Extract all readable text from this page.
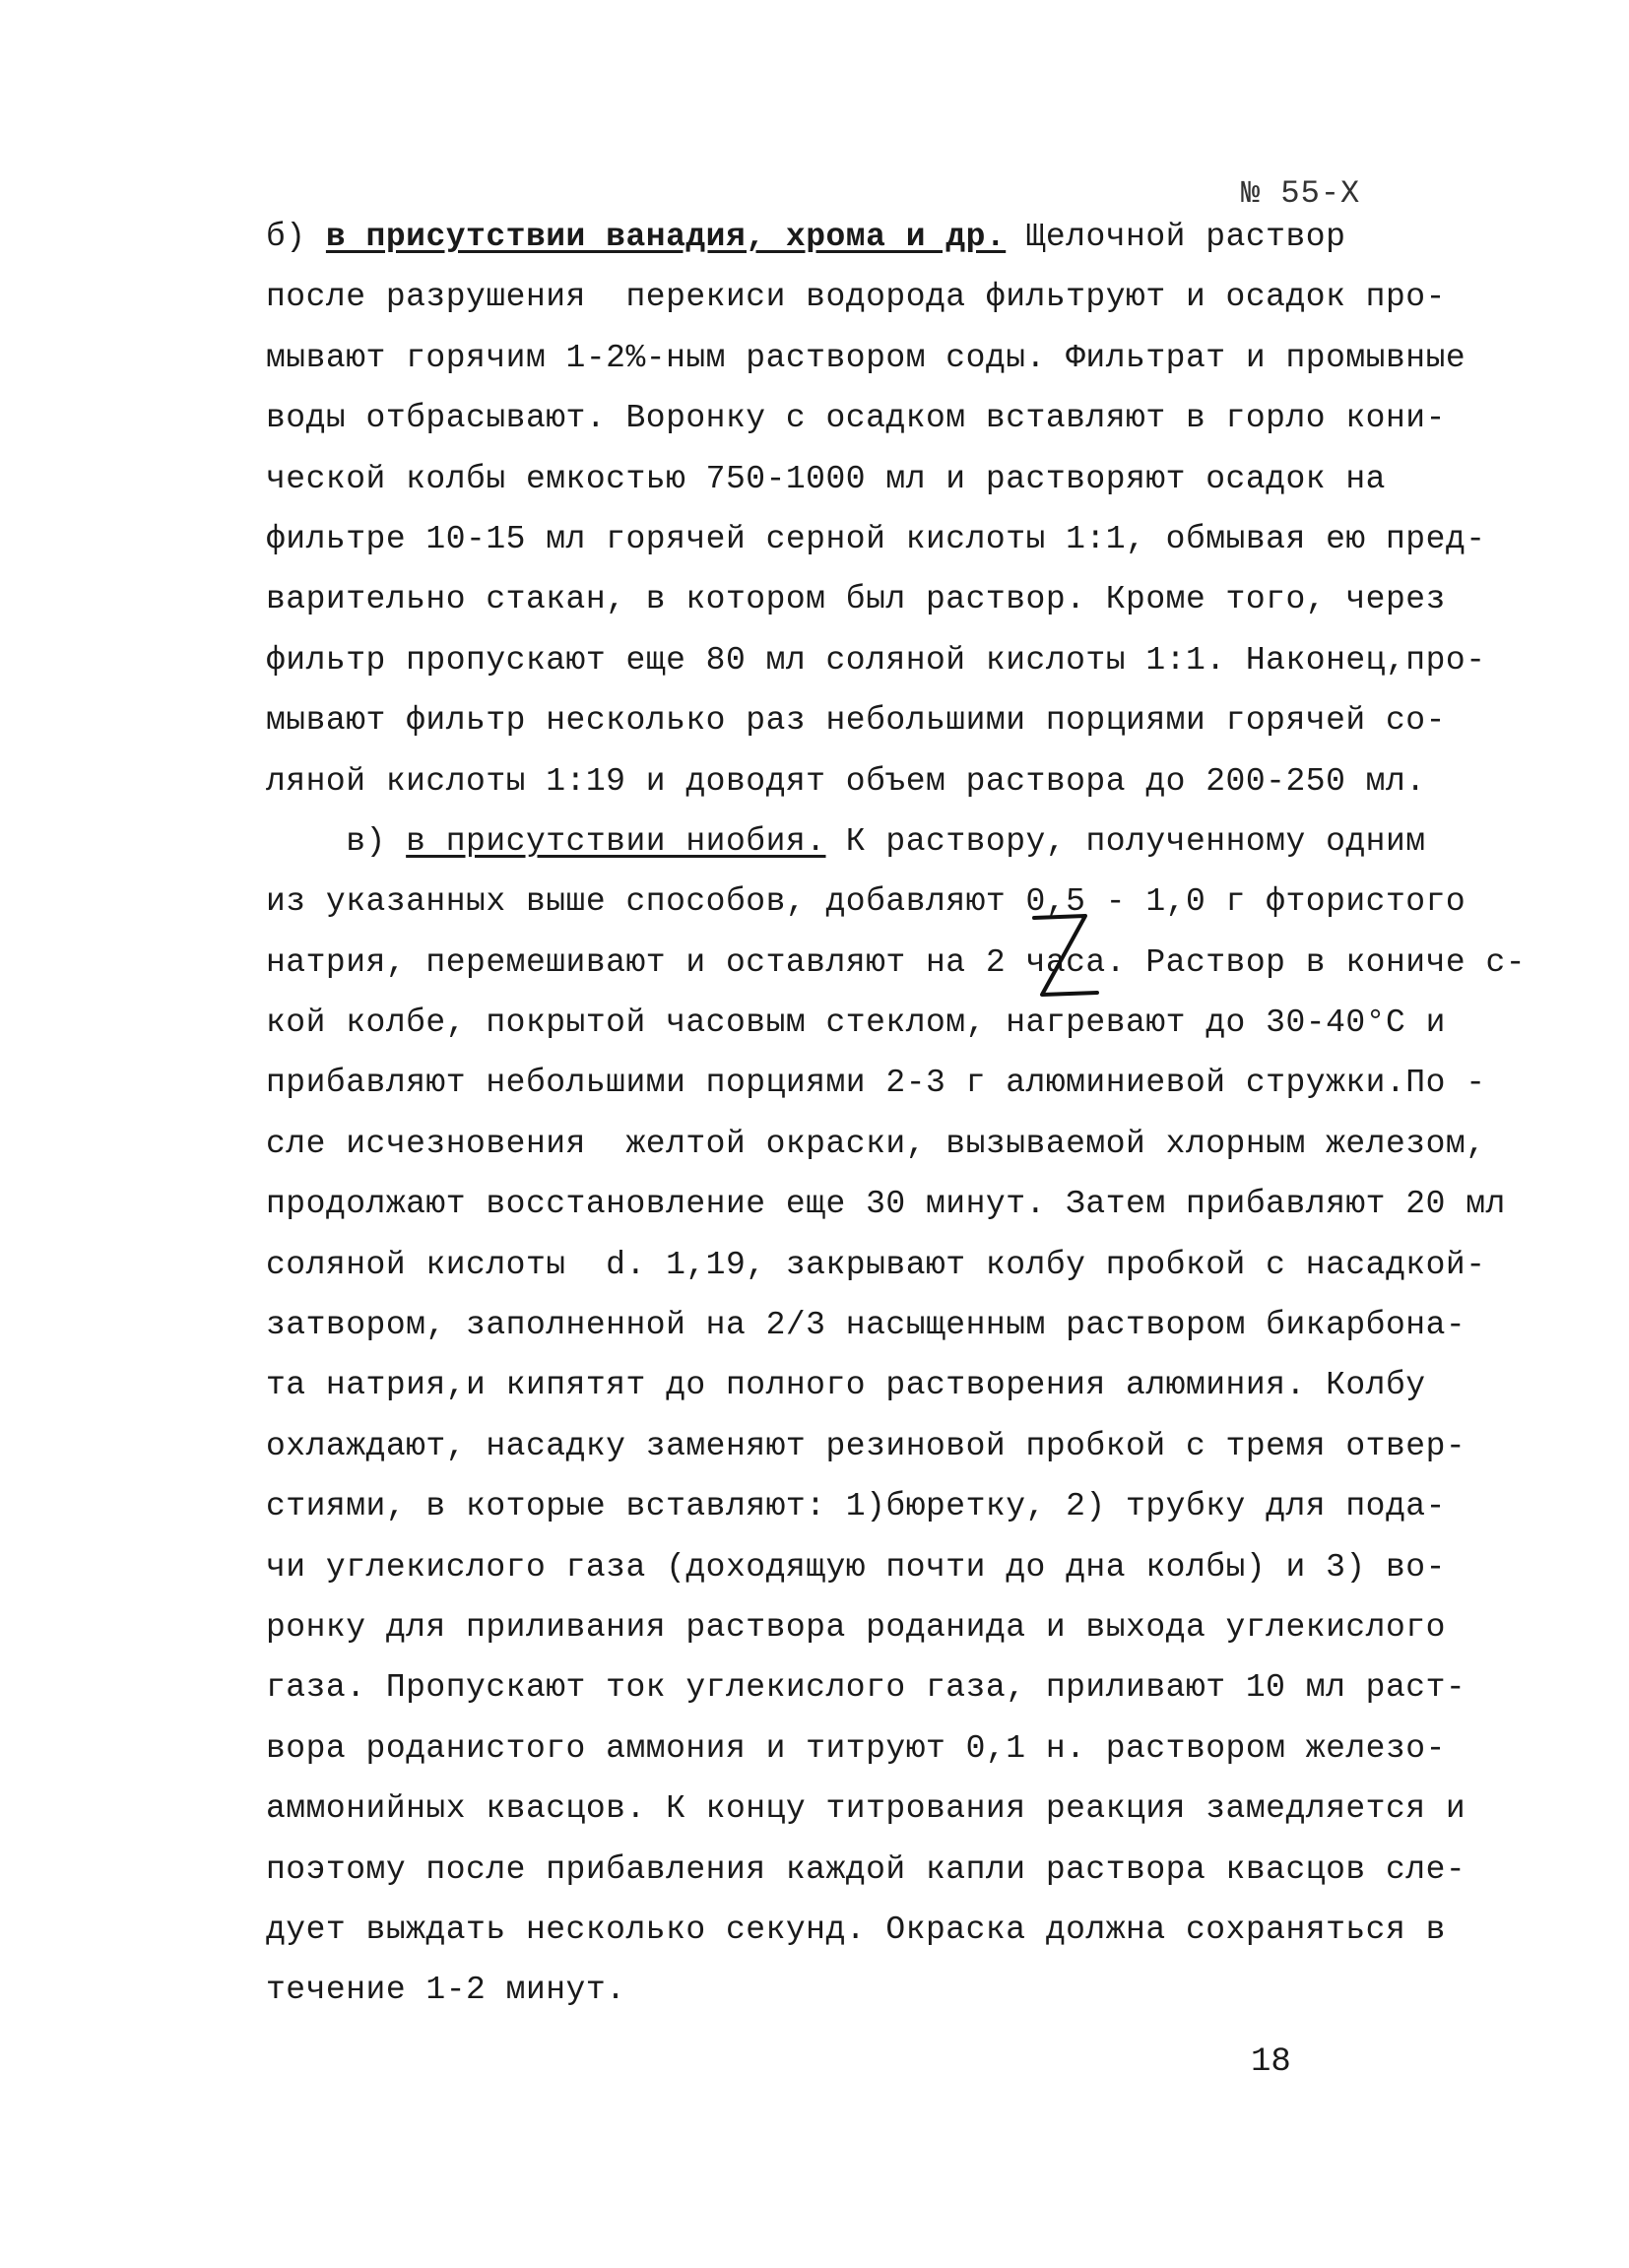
№ 55-Х
б) в присутствии ванадия, хрома и др. Щелочной раствор
после разрушения  перекиси водорода фильтруют и осадок про-
мывают горячим 1-2%-ным раствором соды. Фильтрат и промывные
воды отбрасывают. Воронку с осадком вставляют в горло кони-
ческой колбы емкостью 750-1000 мл и растворяют осадок на
фильтре 10-15 мл горячей серной кислоты 1:1, обмывая ею пред-
варительно стакан, в котором был раствор. Кроме того, через
фильтр пропускают еще 80 мл соляной кислоты 1:1. Наконец,про-
мывают фильтр несколько раз небольшими порциями горячей со-
ляной кислоты 1:19 и доводят объем раствора до 200-250 мл.
в) в присутствии ниобия. К раствору, полученному одним
из указанных выше способов, добавляют 0,5 - 1,0 г фтористого
натрия, перемешивают и оставляют на 2 часа. Раствор в кониче с-
кой колбе, покрытой часовым стеклом, нагревают до 30-40°С и
прибавляют небольшими порциями 2-3 г алюминиевой стружки.По -
сле исчезновения  желтой окраски, вызываемой хлорным железом,
продолжают восстановление еще 30 минут. Затем прибавляют 20 мл
соляной кислоты  d. 1,19, закрывают колбу пробкой с насадкой-
затвором, заполненной на 2/3 насыщенным раствором бикарбона-
та натрия,и кипятят до полного растворения алюминия. Колбу
охлаждают, насадку заменяют резиновой пробкой с тремя отвер-
стиями, в которые вставляют: 1)бюретку, 2) трубку для пода-
чи углекислого газа (доходящую почти до дна колбы) и 3) во-
ронку для приливания раствора роданида и выхода углекислого
газа. Пропускают ток углекислого газа, приливают 10 мл раст-
вора роданистого аммония и титруют 0,1 н. раствором железо-
аммонийных квасцов. К концу титрования реакция замедляется и
поэтому после прибавления каждой капли раствора квасцов сле-
дует выждать несколько секунд. Окраска должна сохраняться в
течение 1-2 минут.
18
